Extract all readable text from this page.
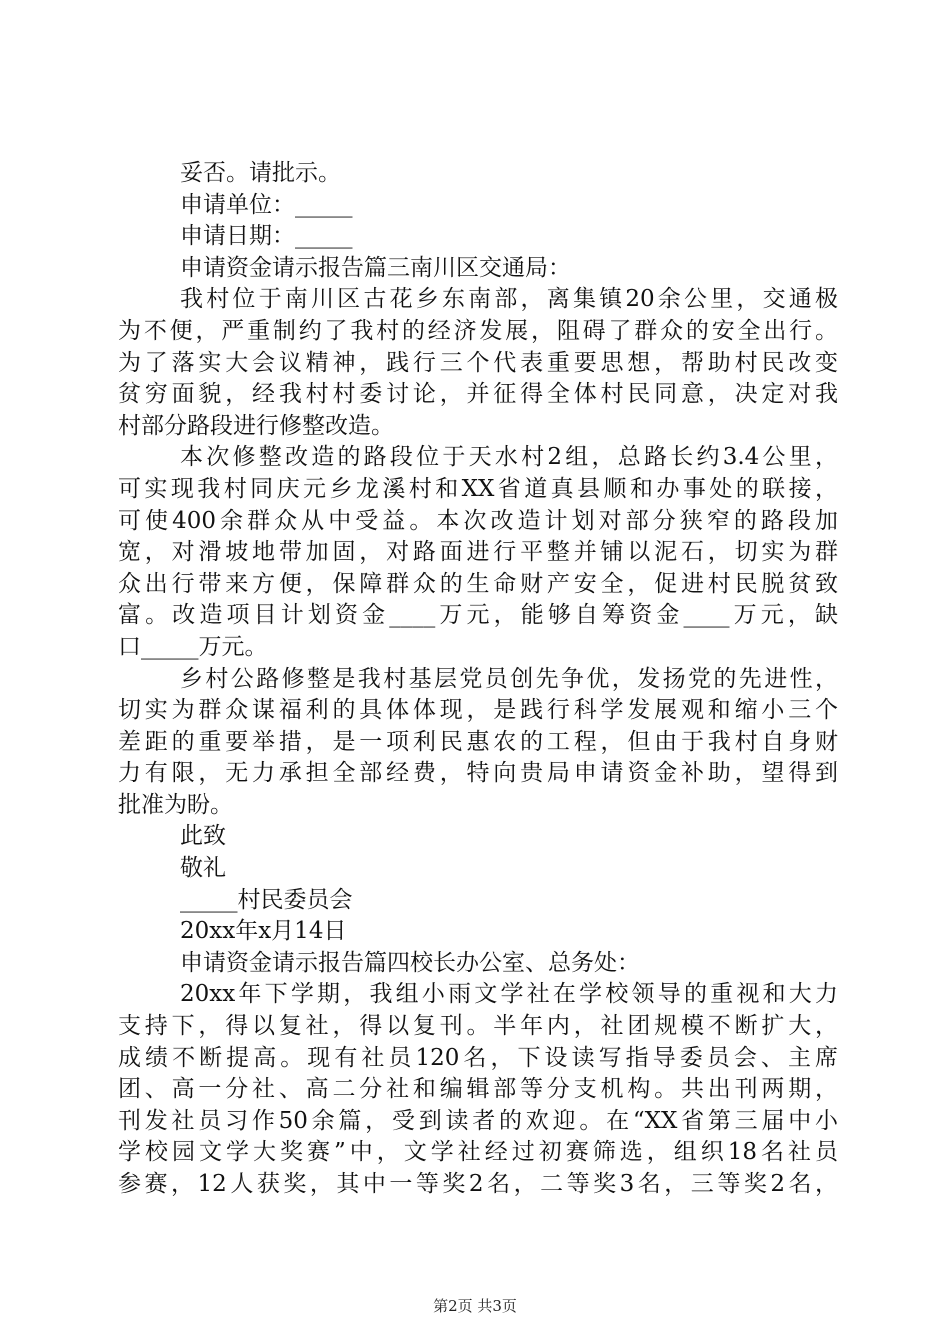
妥否。请批示。

申请单位：_____

申请日期：_____

申请资金请示报告篇三南川区交通局：

我村位于南川区古花乡东南部，离集镇20余公里，交通极

为不便，严重制约了我村的经济发展，阻碍了群众的安全出行。

为了落实大会议精神，践行三个代表重要思想，帮助村民改变

贫穷面貌，经我村村委讨论，并征得全体村民同意，决定对我

村部分路段进行修整改造。

本次修整改造的路段位于天水村2组，总路长约3.4公里，

可实现我村同庆元乡龙溪村和XX省道真县顺和办事处的联接，

可使400余群众从中受益。本次改造计划对部分狭窄的路段加

宽，对滑坡地带加固，对路面进行平整并铺以泥石，切实为群

众出行带来方便，保障群众的生命财产安全，促进村民脱贫致

富。改造项目计划资金____万元，能够自筹资金____万元，缺

口_____万元。

乡村公路修整是我村基层党员创先争优，发扬党的先进性，

切实为群众谋福利的具体体现，是践行科学发展观和缩小三个

差距的重要举措，是一项利民惠农的工程，但由于我村自身财

力有限，无力承担全部经费，特向贵局申请资金补助，望得到

批准为盼。

此致

敬礼

_____村民委员会

20xx年x月14日

申请资金请示报告篇四校长办公室、总务处：

20xx年下学期，我组小雨文学社在学校领导的重视和大力

支持下，得以复社，得以复刊。半年内，社团规模不断扩大，

成绩不断提高。现有社员120名，下设读写指导委员会、主席

团、高一分社、高二分社和编辑部等分支机构。共出刊两期，

刊发社员习作50余篇，受到读者的欢迎。在“XX省第三届中小

学校园文学大奖赛”中，文学社经过初赛筛选，组织18名社员

参赛，12人获奖，其中一等奖2名，二等奖3名，三等奖2名，

第2页 共3页
